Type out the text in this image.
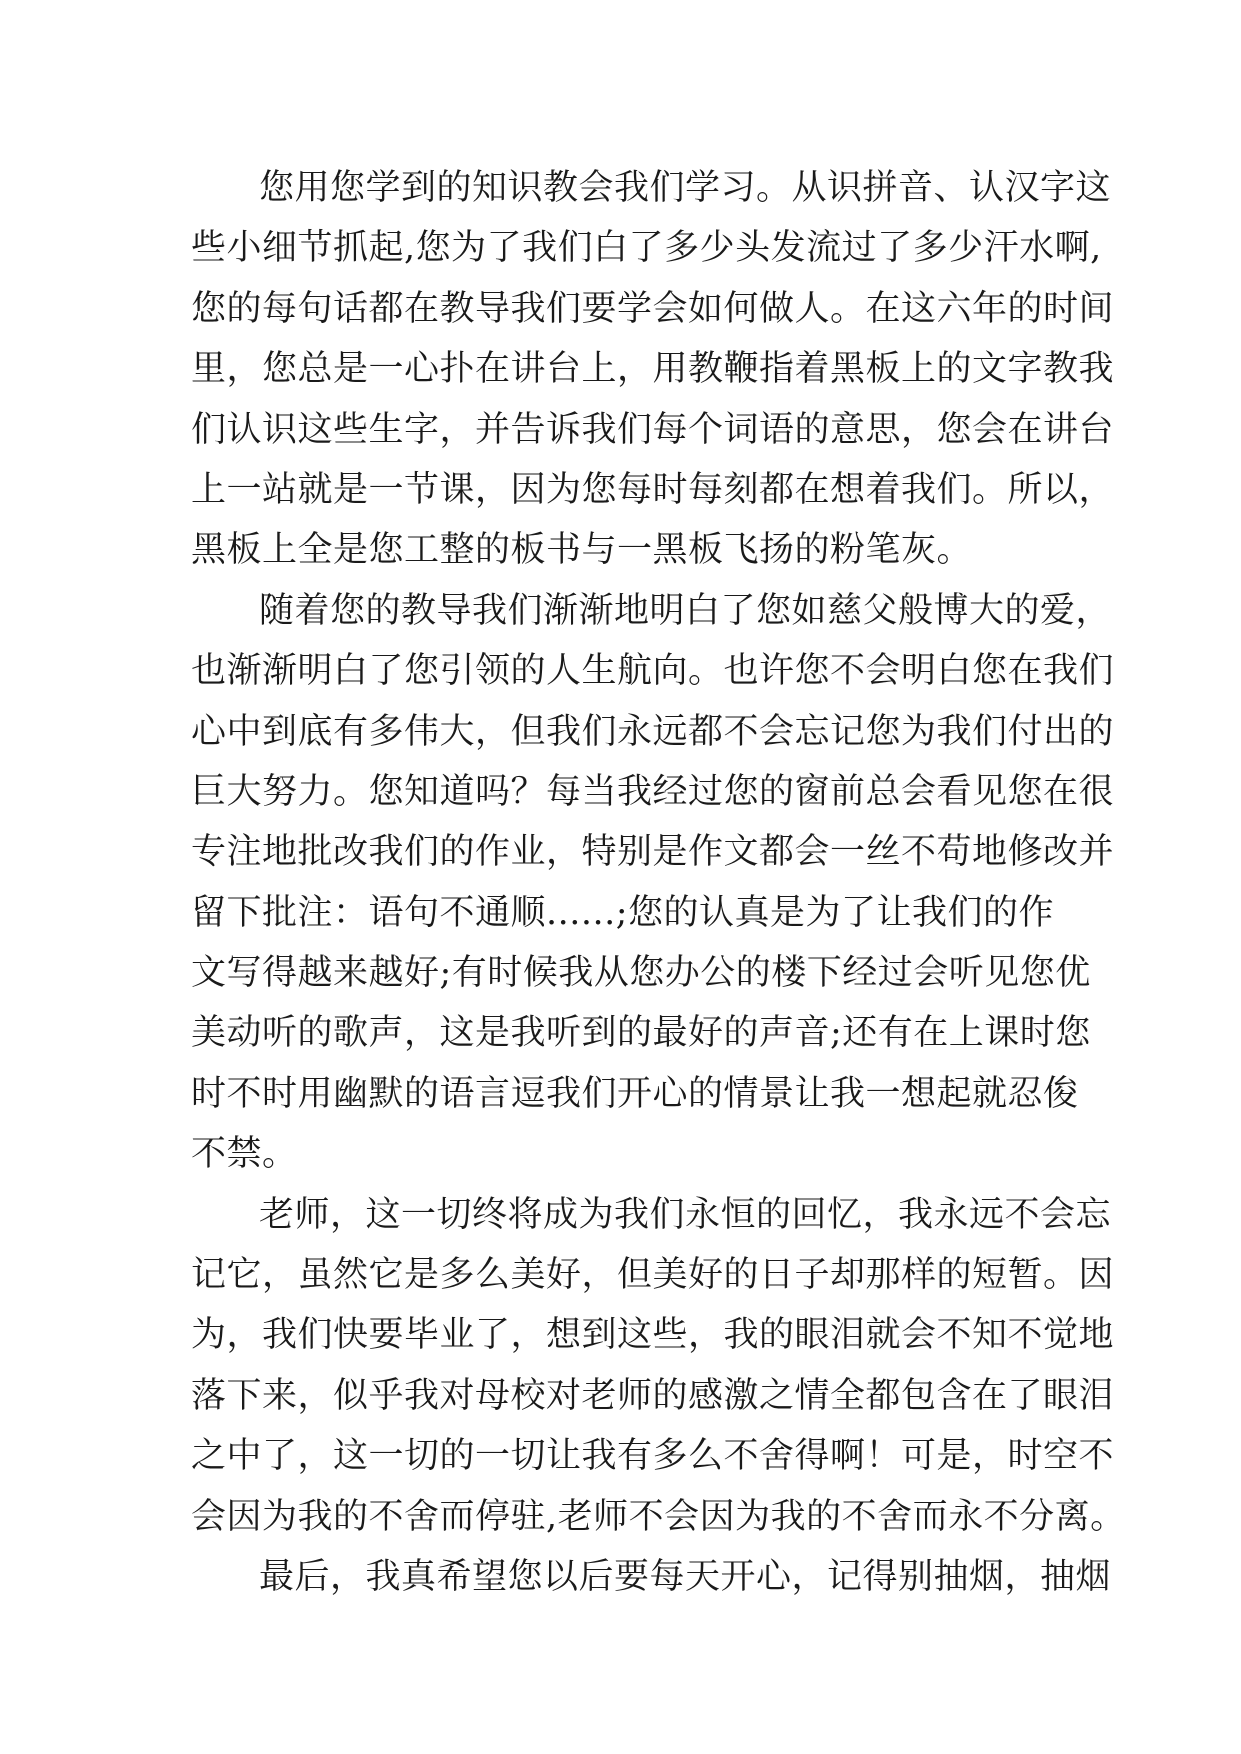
您用您学到的知识教会我们学习。从识拼音、认汉字这
些小细节抓起,您为了我们白了多少头发流过了多少汗水啊,
您的每句话都在教导我们要学会如何做人。在这六年的时间
里，您总是一心扑在讲台上，用教鞭指着黑板上的文字教我
们认识这些生字，并告诉我们每个词语的意思，您会在讲台
上一站就是一节课，因为您每时每刻都在想着我们。所以，
黑板上全是您工整的板书与一黑板飞扬的粉笔灰。
随着您的教导我们渐渐地明白了您如慈父般博大的爱，
也渐渐明白了您引领的人生航向。也许您不会明白您在我们
心中到底有多伟大，但我们永远都不会忘记您为我们付出的
巨大努力。您知道吗？每当我经过您的窗前总会看见您在很
专注地批改我们的作业，特别是作文都会一丝不苟地修改并
留下批注：语句不通顺......;您的认真是为了让我们的作
文写得越来越好;有时候我从您办公的楼下经过会听见您优
美动听的歌声，这是我听到的最好的声音;还有在上课时您
时不时用幽默的语言逗我们开心的情景让我一想起就忍俊
不禁。
老师，这一切终将成为我们永恒的回忆，我永远不会忘
记它，虽然它是多么美好，但美好的日子却那样的短暂。因
为，我们快要毕业了，想到这些，我的眼泪就会不知不觉地
落下来，似乎我对母校对老师的感激之情全都包含在了眼泪
之中了，这一切的一切让我有多么不舍得啊！可是，时空不
会因为我的不舍而停驻,老师不会因为我的不舍而永不分离。
最后，我真希望您以后要每天开心，记得别抽烟，抽烟
